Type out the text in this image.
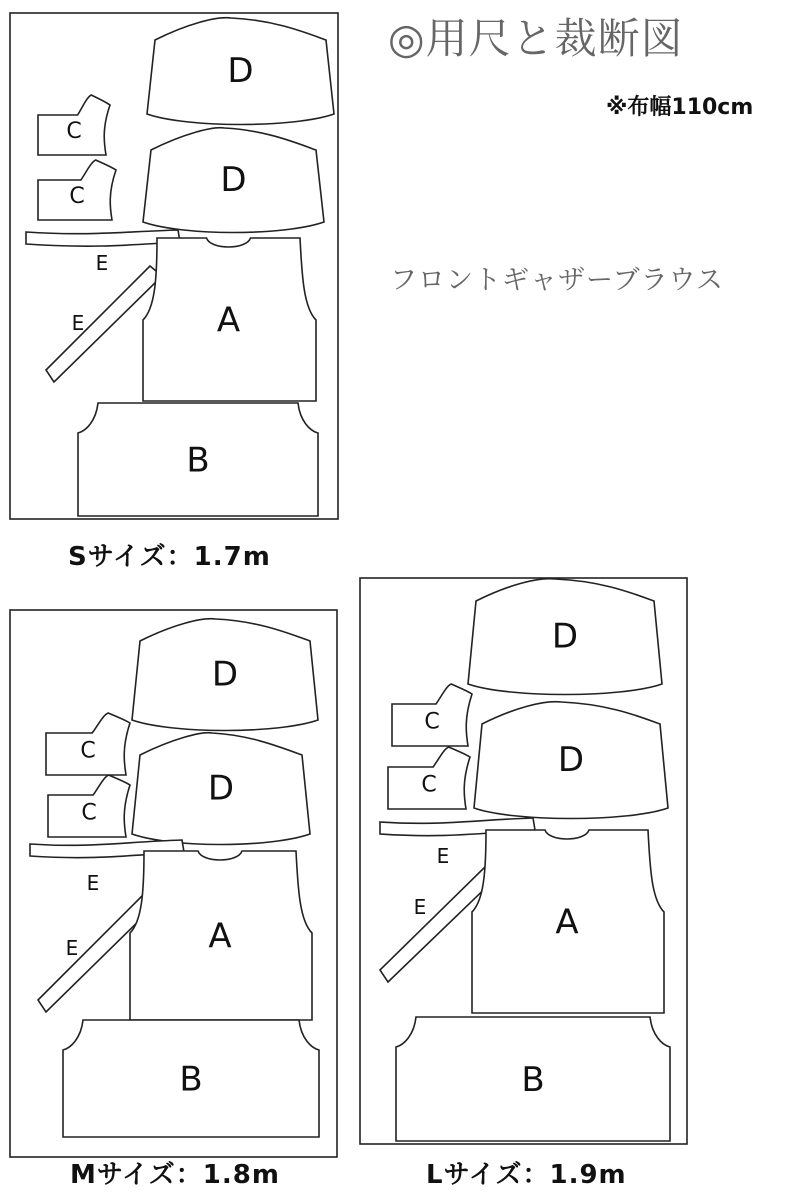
D
D
C
C
E
E	A
B
D
D
C
C
E
E	A
B
D
D
C
C
E
E	A
B
◎用尺と裁断図
※布幅110cm
フロントギャザーブラウス
Sサイズ：1.7m
Mサイズ：1.8m	Lサイズ：1.9m
